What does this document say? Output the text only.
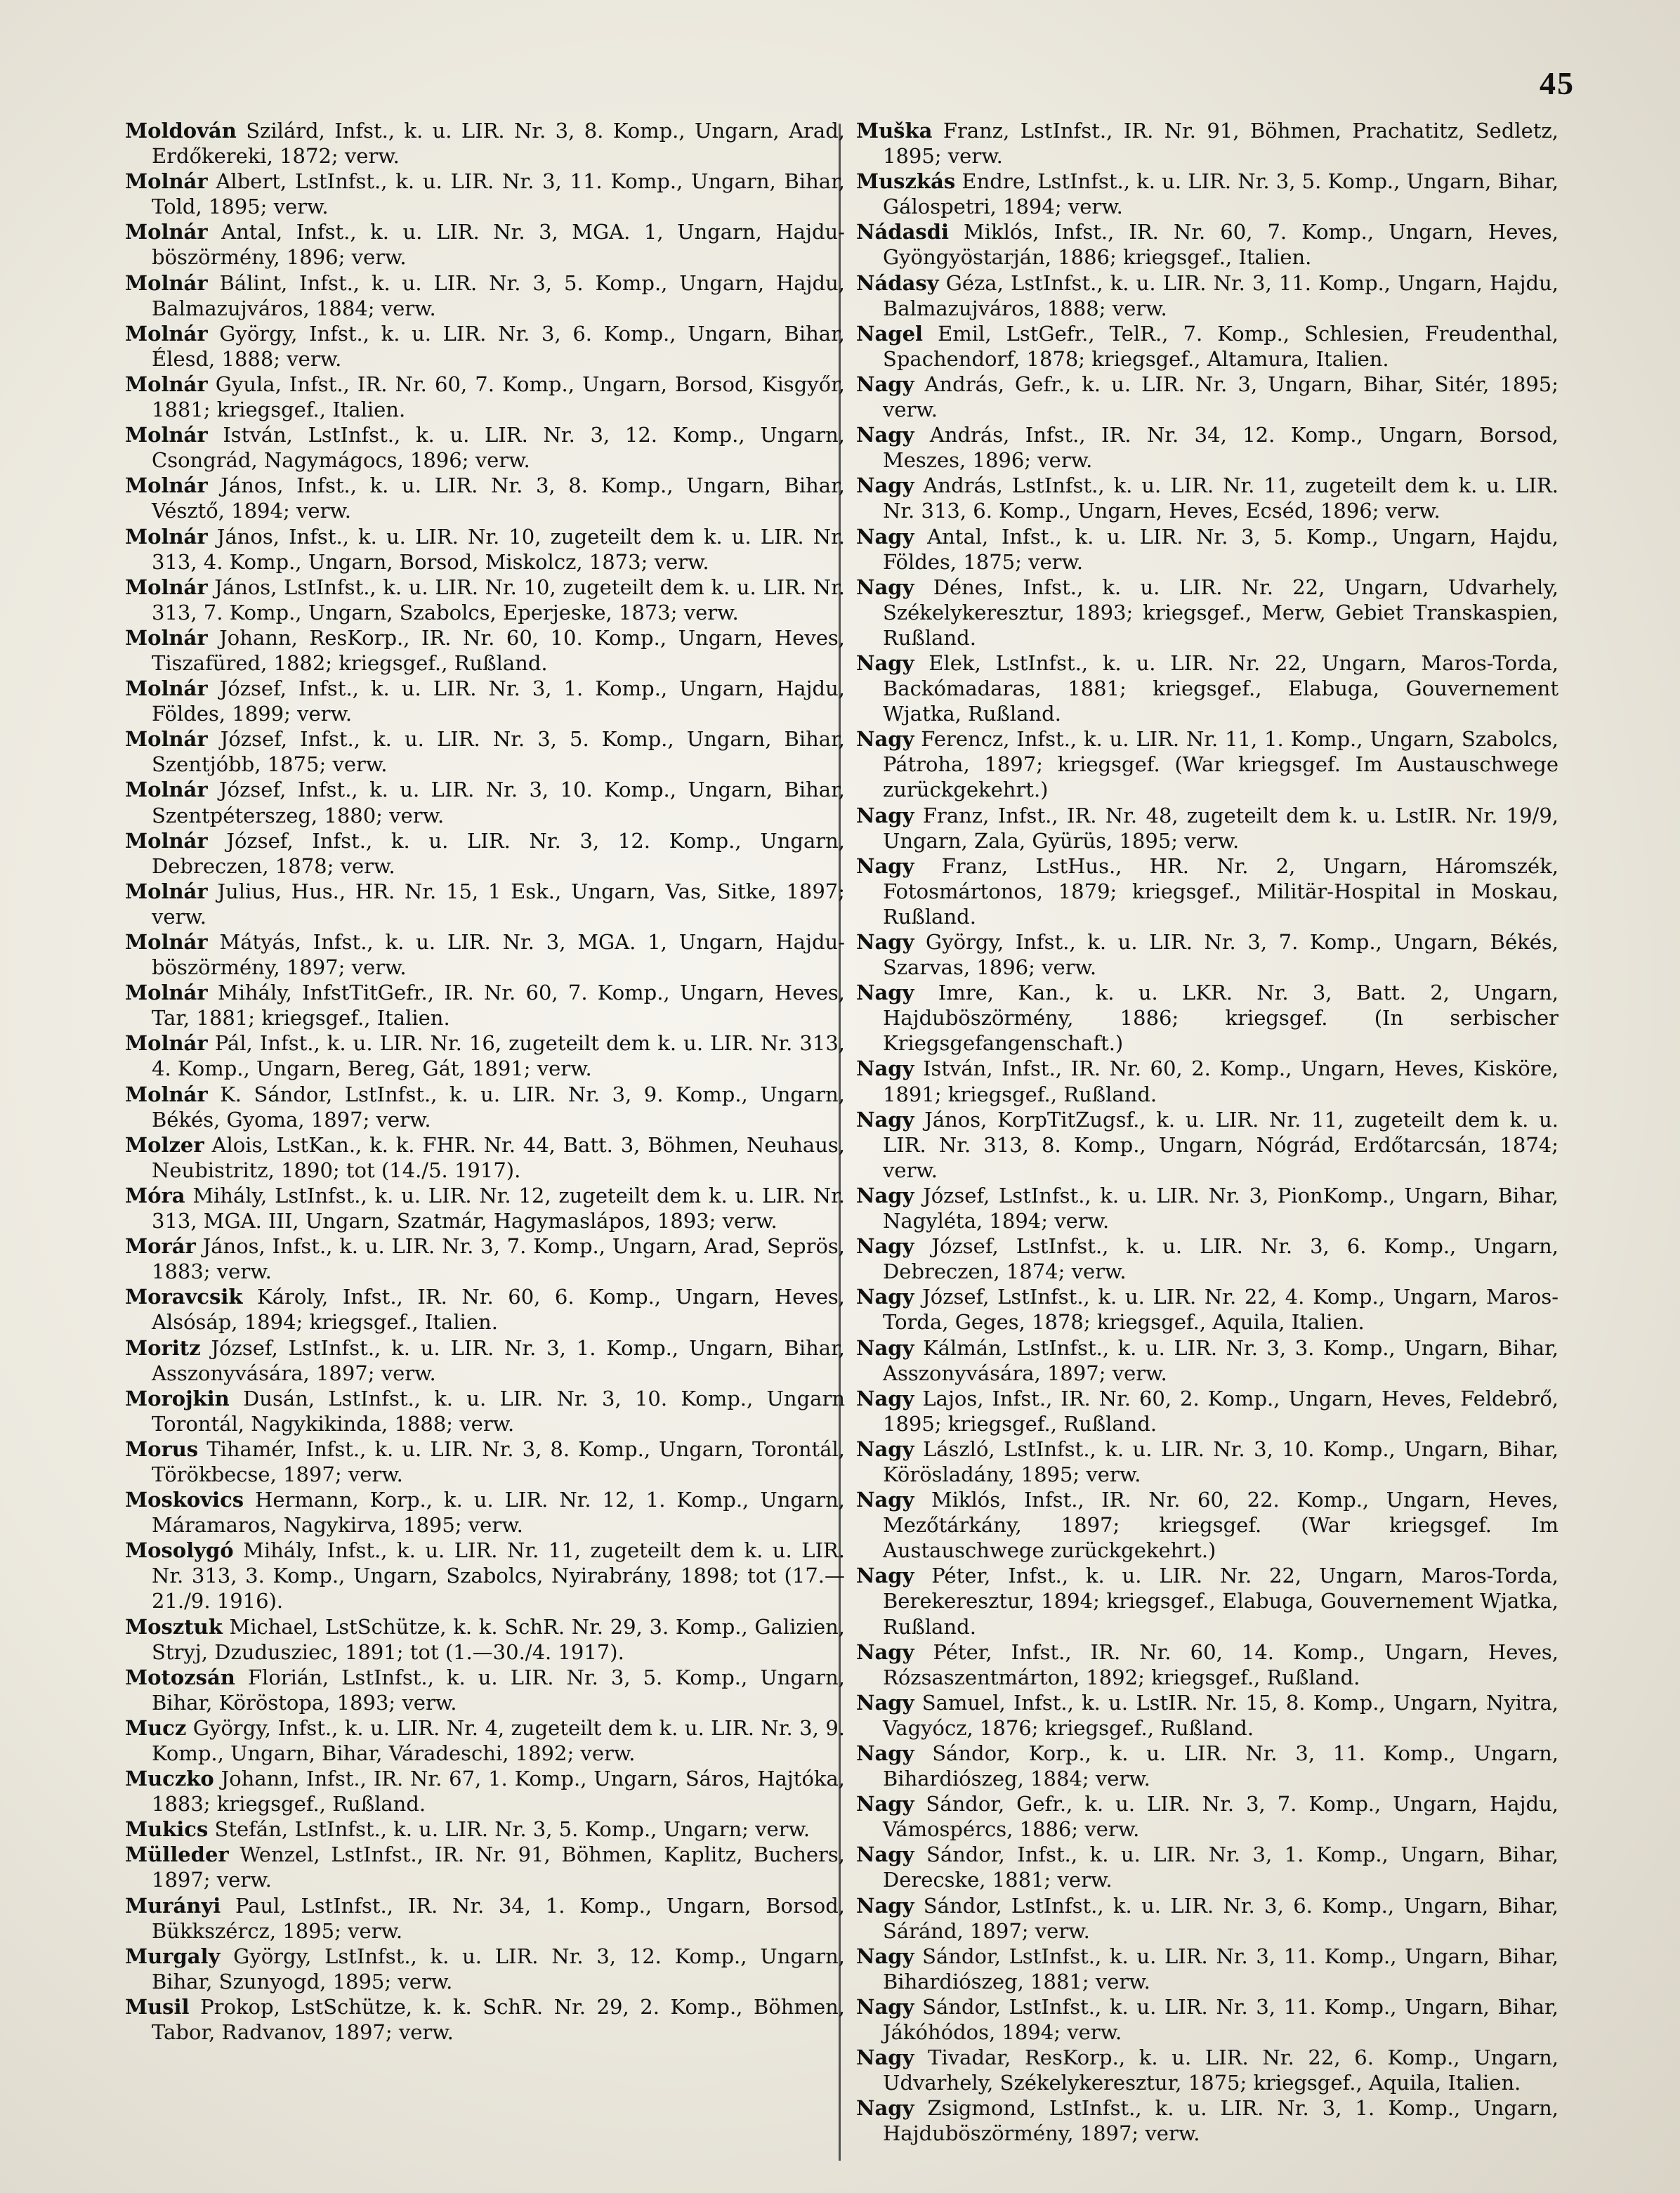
45

Moldován Szilárd, Infst., k. u. LIR. Nr. 3, 8. Komp., Ungarn, Arad, Erdőkereki, 1872; verw.

Molnár Albert, LstInfst., k. u. LIR. Nr. 3, 11. Komp., Ungarn, Bihar, Told, 1895; verw.

Molnár Antal, Infst., k. u. LIR. Nr. 3, MGA. 1, Ungarn, Hajdu-böszörmény, 1896; verw.

Molnár Bálint, Infst., k. u. LIR. Nr. 3, 5. Komp., Ungarn, Hajdu, Balmazujváros, 1884; verw.

Molnár György, Infst., k. u. LIR. Nr. 3, 6. Komp., Ungarn, Bihar, Élesd, 1888; verw.

Molnár Gyula, Infst., IR. Nr. 60, 7. Komp., Ungarn, Borsod, Kisgyőr, 1881; kriegsgef., Italien.

Molnár István, LstInfst., k. u. LIR. Nr. 3, 12. Komp., Ungarn, Csongrád, Nagymágocs, 1896; verw.

Molnár János, Infst., k. u. LIR. Nr. 3, 8. Komp., Ungarn, Bihar, Vésztő, 1894; verw.

Molnár János, Infst., k. u. LIR. Nr. 10, zugeteilt dem k. u. LIR. Nr. 313, 4. Komp., Ungarn, Borsod, Miskolcz, 1873; verw.

Molnár János, LstInfst., k. u. LIR. Nr. 10, zugeteilt dem k. u. LIR. Nr. 313, 7. Komp., Ungarn, Szabolcs, Eperjeske, 1873; verw.

Molnár Johann, ResKorp., IR. Nr. 60, 10. Komp., Ungarn, Heves, Tiszafüred, 1882; kriegsgef., Rußland.

Molnár József, Infst., k. u. LIR. Nr. 3, 1. Komp., Ungarn, Hajdu, Földes, 1899; verw.

Molnár József, Infst., k. u. LIR. Nr. 3, 5. Komp., Ungarn, Bihar, Szentjóbb, 1875; verw.

Molnár József, Infst., k. u. LIR. Nr. 3, 10. Komp., Ungarn, Bihar, Szentpéterszeg, 1880; verw.

Molnár József, Infst., k. u. LIR. Nr. 3, 12. Komp., Ungarn, Debreczen, 1878; verw.

Molnár Julius, Hus., HR. Nr. 15, 1 Esk., Ungarn, Vas, Sitke, 1897; verw.

Molnár Mátyás, Infst., k. u. LIR. Nr. 3, MGA. 1, Ungarn, Hajdu-böszörmény, 1897; verw.

Molnár Mihály, InfstTitGefr., IR. Nr. 60, 7. Komp., Ungarn, Heves, Tar, 1881; kriegsgef., Italien.

Molnár Pál, Infst., k. u. LIR. Nr. 16, zugeteilt dem k. u. LIR. Nr. 313, 4. Komp., Ungarn, Bereg, Gát, 1891; verw.

Molnár K. Sándor, LstInfst., k. u. LIR. Nr. 3, 9. Komp., Ungarn, Békés, Gyoma, 1897; verw.

Molzer Alois, LstKan., k. k. FHR. Nr. 44, Batt. 3, Böhmen, Neuhaus, Neubistritz, 1890; tot (14./5. 1917).

Móra Mihály, LstInfst., k. u. LIR. Nr. 12, zugeteilt dem k. u. LIR. Nr. 313, MGA. III, Ungarn, Szatmár, Hagymaslápos, 1893; verw.

Morár János, Infst., k. u. LIR. Nr. 3, 7. Komp., Ungarn, Arad, Seprös, 1883; verw.

Moravcsik Károly, Infst., IR. Nr. 60, 6. Komp., Ungarn, Heves, Alsósáp, 1894; kriegsgef., Italien.

Moritz József, LstInfst., k. u. LIR. Nr. 3, 1. Komp., Ungarn, Bihar, Asszonyvására, 1897; verw.

Morojkin Dusán, LstInfst., k. u. LIR. Nr. 3, 10. Komp., Ungarn Torontál, Nagykikinda, 1888; verw.

Morus Tihamér, Infst., k. u. LIR. Nr. 3, 8. Komp., Ungarn, Torontál, Törökbecse, 1897; verw.

Moskovics Hermann, Korp., k. u. LIR. Nr. 12, 1. Komp., Ungarn, Máramaros, Nagykirva, 1895; verw.

Mosolygó Mihály, Infst., k. u. LIR. Nr. 11, zugeteilt dem k. u. LIR. Nr. 313, 3. Komp., Ungarn, Szabolcs, Nyirabrány, 1898; tot (17.—21./9. 1916).

Mosztuk Michael, LstSchütze, k. k. SchR. Nr. 29, 3. Komp., Galizien, Stryj, Dzudusziec, 1891; tot (1.—30./4. 1917).

Motozsán Florián, LstInfst., k. u. LIR. Nr. 3, 5. Komp., Ungarn, Bihar, Köröstopa, 1893; verw.

Mucz György, Infst., k. u. LIR. Nr. 4, zugeteilt dem k. u. LIR. Nr. 3, 9. Komp., Ungarn, Bihar, Váradeschi, 1892; verw.

Muczko Johann, Infst., IR. Nr. 67, 1. Komp., Ungarn, Sáros, Hajtóka, 1883; kriegsgef., Rußland.

Mukics Stefán, LstInfst., k. u. LIR. Nr. 3, 5. Komp., Ungarn; verw.

Mülleder Wenzel, LstInfst., IR. Nr. 91, Böhmen, Kaplitz, Buchers, 1897; verw.

Murányi Paul, LstInfst., IR. Nr. 34, 1. Komp., Ungarn, Borsod, Bükkszércz, 1895; verw.

Murgaly György, LstInfst., k. u. LIR. Nr. 3, 12. Komp., Ungarn, Bihar, Szunyogd, 1895; verw.

Musil Prokop, LstSchütze, k. k. SchR. Nr. 29, 2. Komp., Böhmen, Tabor, Radvanov, 1897; verw.

Muška Franz, LstInfst., IR. Nr. 91, Böhmen, Prachatitz, Sedletz, 1895; verw.

Muszkás Endre, LstInfst., k. u. LIR. Nr. 3, 5. Komp., Ungarn, Bihar, Gálospetri, 1894; verw.

Nádasdi Miklós, Infst., IR. Nr. 60, 7. Komp., Ungarn, Heves, Gyöngyöstarján, 1886; kriegsgef., Italien.

Nádasy Géza, LstInfst., k. u. LIR. Nr. 3, 11. Komp., Ungarn, Hajdu, Balmazujváros, 1888; verw.

Nagel Emil, LstGefr., TelR., 7. Komp., Schlesien, Freudenthal, Spachendorf, 1878; kriegsgef., Altamura, Italien.

Nagy András, Gefr., k. u. LIR. Nr. 3, Ungarn, Bihar, Sitér, 1895; verw.

Nagy András, Infst., IR. Nr. 34, 12. Komp., Ungarn, Borsod, Meszes, 1896; verw.

Nagy András, LstInfst., k. u. LIR. Nr. 11, zugeteilt dem k. u. LIR. Nr. 313, 6. Komp., Ungarn, Heves, Ecséd, 1896; verw.

Nagy Antal, Infst., k. u. LIR. Nr. 3, 5. Komp., Ungarn, Hajdu, Földes, 1875; verw.

Nagy Dénes, Infst., k. u. LIR. Nr. 22, Ungarn, Udvarhely, Székelykeresztur, 1893; kriegsgef., Merw, Gebiet Transkaspien, Rußland.

Nagy Elek, LstInfst., k. u. LIR. Nr. 22, Ungarn, Maros-Torda, Backómadaras, 1881; kriegsgef., Elabuga, Gouvernement Wjatka, Rußland.

Nagy Ferencz, Infst., k. u. LIR. Nr. 11, 1. Komp., Ungarn, Szabolcs, Pátroha, 1897; kriegsgef. (War kriegsgef. Im Austauschwege zurückgekehrt.)

Nagy Franz, Infst., IR. Nr. 48, zugeteilt dem k. u. LstIR. Nr. 19/9, Ungarn, Zala, Gyürüs, 1895; verw.

Nagy Franz, LstHus., HR. Nr. 2, Ungarn, Háromszék, Fotosmártonos, 1879; kriegsgef., Militär-Hospital in Moskau, Rußland.

Nagy György, Infst., k. u. LIR. Nr. 3, 7. Komp., Ungarn, Békés, Szarvas, 1896; verw.

Nagy Imre, Kan., k. u. LKR. Nr. 3, Batt. 2, Ungarn, Hajduböszörmény, 1886; kriegsgef. (In serbischer Kriegsgefangenschaft.)

Nagy István, Infst., IR. Nr. 60, 2. Komp., Ungarn, Heves, Kisköre, 1891; kriegsgef., Rußland.

Nagy János, KorpTitZugsf., k. u. LIR. Nr. 11, zugeteilt dem k. u. LIR. Nr. 313, 8. Komp., Ungarn, Nógrád, Erdőtarcsán, 1874; verw.

Nagy József, LstInfst., k. u. LIR. Nr. 3, PionKomp., Ungarn, Bihar, Nagyléta, 1894; verw.

Nagy József, LstInfst., k. u. LIR. Nr. 3, 6. Komp., Ungarn, Debreczen, 1874; verw.

Nagy József, LstInfst., k. u. LIR. Nr. 22, 4. Komp., Ungarn, Maros-Torda, Geges, 1878; kriegsgef., Aquila, Italien.

Nagy Kálmán, LstInfst., k. u. LIR. Nr. 3, 3. Komp., Ungarn, Bihar, Asszonyvására, 1897; verw.

Nagy Lajos, Infst., IR. Nr. 60, 2. Komp., Ungarn, Heves, Feldebrő, 1895; kriegsgef., Rußland.

Nagy László, LstInfst., k. u. LIR. Nr. 3, 10. Komp., Ungarn, Bihar, Körösladány, 1895; verw.

Nagy Miklós, Infst., IR. Nr. 60, 22. Komp., Ungarn, Heves, Mezőtárkány, 1897; kriegsgef. (War kriegsgef. Im Austauschwege zurückgekehrt.)

Nagy Péter, Infst., k. u. LIR. Nr. 22, Ungarn, Maros-Torda, Berekeresztur, 1894; kriegsgef., Elabuga, Gouvernement Wjatka, Rußland.

Nagy Péter, Infst., IR. Nr. 60, 14. Komp., Ungarn, Heves, Rózsaszentmárton, 1892; kriegsgef., Rußland.

Nagy Samuel, Infst., k. u. LstIR. Nr. 15, 8. Komp., Ungarn, Nyitra, Vagyócz, 1876; kriegsgef., Rußland.

Nagy Sándor, Korp., k. u. LIR. Nr. 3, 11. Komp., Ungarn, Bihardiószeg, 1884; verw.

Nagy Sándor, Gefr., k. u. LIR. Nr. 3, 7. Komp., Ungarn, Hajdu, Vámospércs, 1886; verw.

Nagy Sándor, Infst., k. u. LIR. Nr. 3, 1. Komp., Ungarn, Bihar, Derecske, 1881; verw.

Nagy Sándor, LstInfst., k. u. LIR. Nr. 3, 6. Komp., Ungarn, Bihar, Sáránd, 1897; verw.

Nagy Sándor, LstInfst., k. u. LIR. Nr. 3, 11. Komp., Ungarn, Bihar, Bihardiószeg, 1881; verw.

Nagy Sándor, LstInfst., k. u. LIR. Nr. 3, 11. Komp., Ungarn, Bihar, Jákóhódos, 1894; verw.

Nagy Tivadar, ResKorp., k. u. LIR. Nr. 22, 6. Komp., Ungarn, Udvarhely, Székelykeresztur, 1875; kriegsgef., Aquila, Italien.

Nagy Zsigmond, LstInfst., k. u. LIR. Nr. 3, 1. Komp., Ungarn, Hajduböszörmény, 1897; verw.
